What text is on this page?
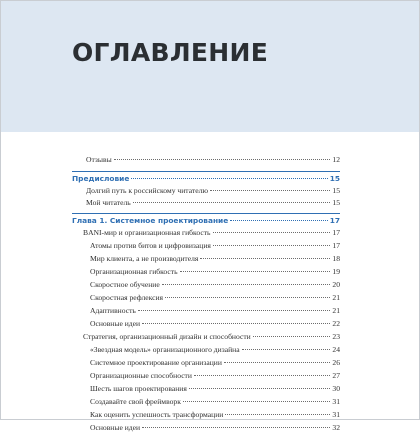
ОГЛАВЛЕНИЕ
Отзывы	12
Предисловие	15
Долгий путь к российскому читателю	15
Мой читатель	15
Глава 1. Системное проектирование	17
BANI-мир и организационная гибкость	17
Атомы против битов и цифровизация	17
Мир клиента, а не производителя	18
Организационная гибкость	19
Скоростное обучение	20
Скоростная рефлексия	21
Адаптивность	21
Основные идеи	22
Стратегия, организационный дизайн и способности	23
«Звездная модель» организационного дизайна	24
Системное проектирование организации	26
Организационные способности	27
Шесть шагов проектирования	30
Создавайте свой фреймворк	31
Как оценить успешность трансформации	31
Основные идеи	32
